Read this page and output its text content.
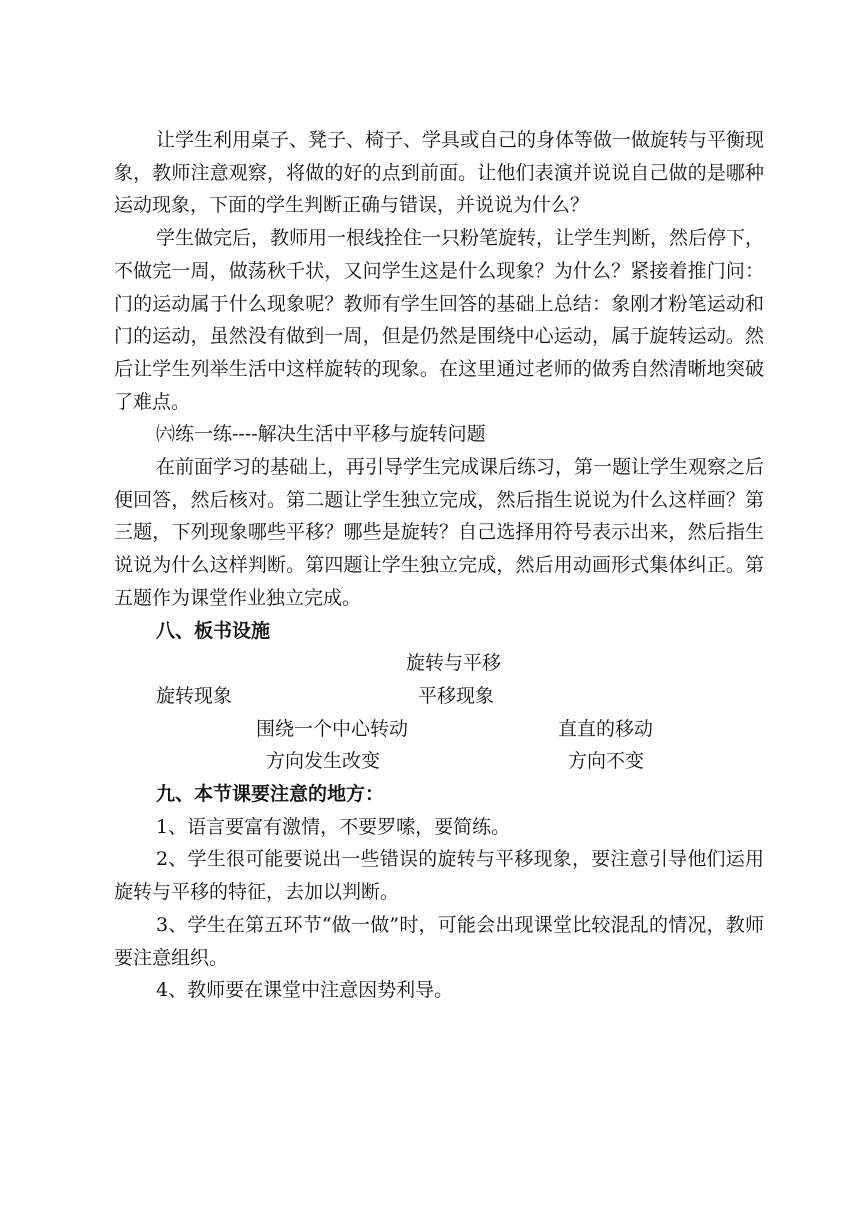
让学生利用桌子、凳子、椅子、学具或自己的身体等做一做旋转与平衡现象，教师注意观察，将做的好的点到前面。让他们表演并说说自己做的是哪种运动现象，下面的学生判断正确与错误，并说说为什么？

学生做完后，教师用一根线拴住一只粉笔旋转，让学生判断，然后停下，不做完一周，做荡秋千状，又问学生这是什么现象？为什么？紧接着推门问：门的运动属于什么现象呢？教师有学生回答的基础上总结：象刚才粉笔运动和门的运动，虽然没有做到一周，但是仍然是围绕中心运动，属于旋转运动。然后让学生列举生活中这样旋转的现象。在这里通过老师的做秀自然清晰地突破了难点。

㈥练一练----解决生活中平移与旋转问题

在前面学习的基础上，再引导学生完成课后练习，第一题让学生观察之后便回答，然后核对。第二题让学生独立完成，然后指生说说为什么这样画？第三题，下列现象哪些平移？哪些是旋转？自己选择用符号表示出来，然后指生说说为什么这样判断。第四题让学生独立完成，然后用动画形式集体纠正。第五题作为课堂作业独立完成。

八、板书设施

旋转与平移
旋转现象	平移现象
围绕一个中心转动	直直的移动
方向发生改变	方向不变

九、本节课要注意的地方：

1、语言要富有激情，不要罗嗦，要简练。

2、学生很可能要说出一些错误的旋转与平移现象，要注意引导他们运用旋转与平移的特征，去加以判断。

3、学生在第五环节“做一做”时，可能会出现课堂比较混乱的情况，教师要注意组织。

4、教师要在课堂中注意因势利导。
